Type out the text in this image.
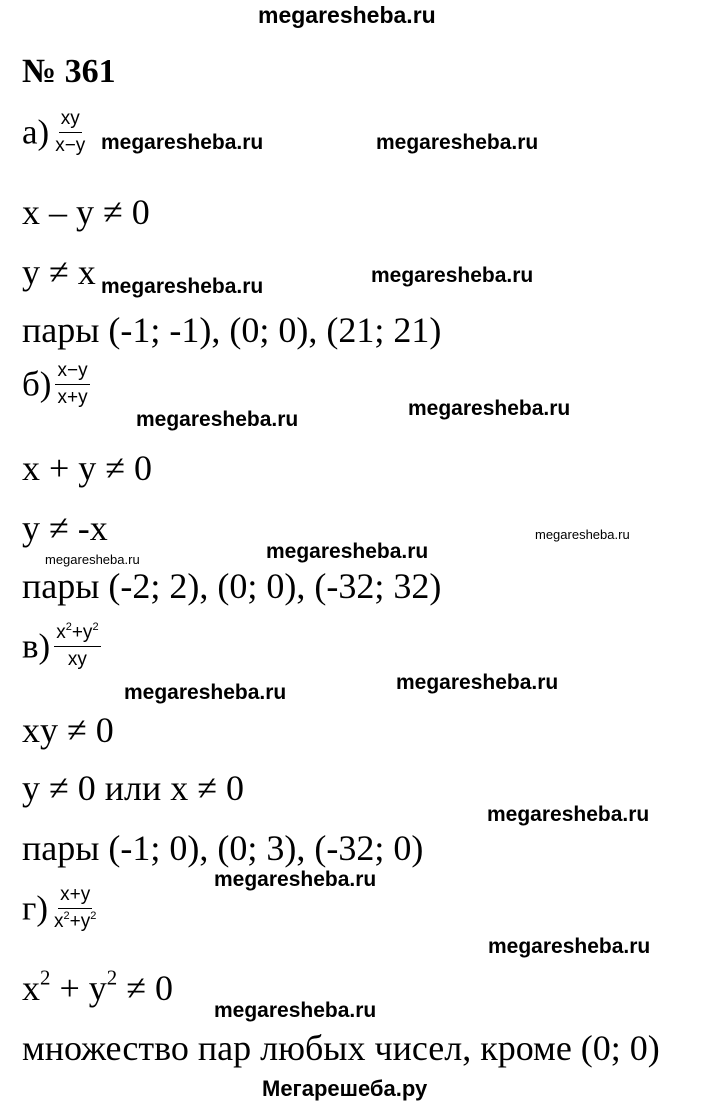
megaresheba.ru
№ 361
$а) \frac{xy}{x-y}$
x – y ≠ 0
y ≠ x
пары (-1; -1), (0; 0), (21; 21)
$б) \frac{x-y}{x+y}$
x + y ≠ 0
y ≠ -x
пары (-2; 2), (0; 0), (-32; 32)
$в) \frac{x^2+y^2}{xy}$
xy ≠ 0
y ≠ 0 или x ≠ 0
пары (-1; 0), (0; 3), (-32; 0)
$г) \frac{x+y}{x^2+y^2}$
$x^2 + y^2 \ne 0$
множество пар любых чисел, кроме (0; 0)
megaresheba.ru	megaresheba.ru
megaresheba.ru	megaresheba.ru
megaresheba.ru	megaresheba.ru
megaresheba.ru
megaresheba.ru	megaresheba.ru
megaresheba.ru	megaresheba.ru
megaresheba.ru
megaresheba.ru
megaresheba.ru
megaresheba.ru
Мегарешеба.ру
